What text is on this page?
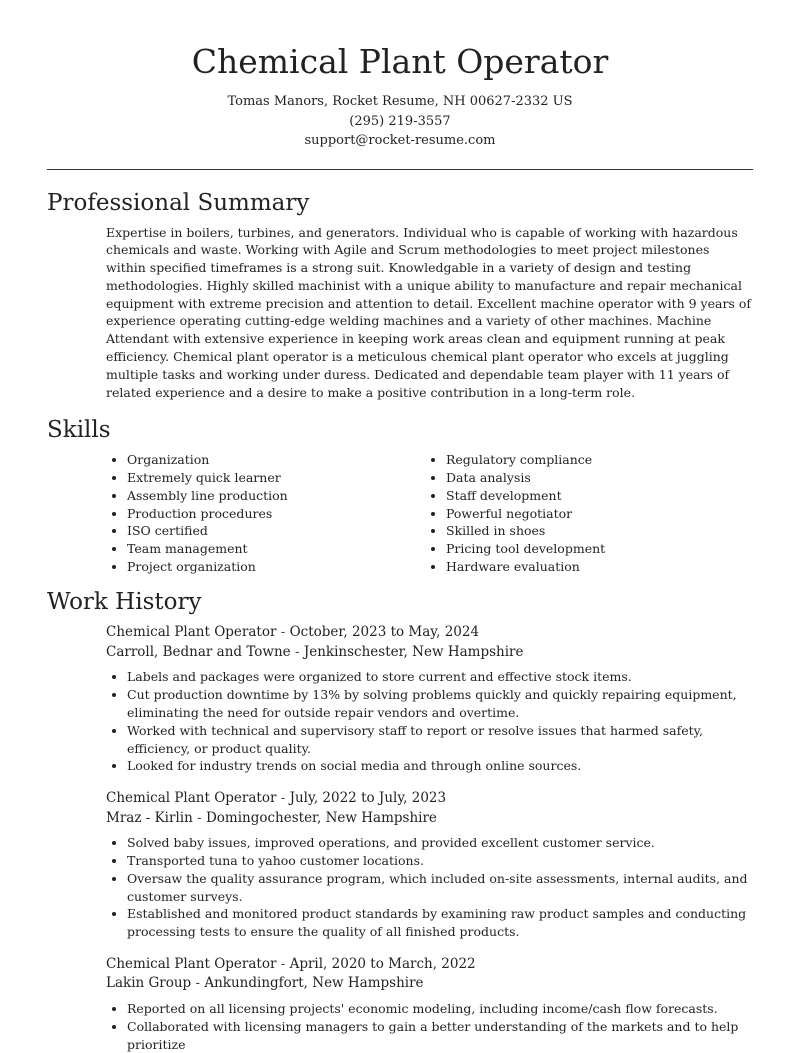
Chemical Plant Operator
Tomas Manors, Rocket Resume, NH 00627-2332 US
(295) 219-3557
support@rocket-resume.com
Professional Summary

Expertise in boilers, turbines, and generators. Individual who is capable of working with hazardous chemicals and waste. Working with Agile and Scrum methodologies to meet project milestones within specified timeframes is a strong suit. Knowledgable in a variety of design and testing methodologies. Highly skilled machinist with a unique ability to manufacture and repair mechanical equipment with extreme precision and attention to detail. Excellent machine operator with 9 years of experience operating cutting-edge welding machines and a variety of other machines. Machine Attendant with extensive experience in keeping work areas clean and equipment running at peak efficiency. Chemical plant operator is a meticulous chemical plant operator who excels at juggling multiple tasks and working under duress. Dedicated and dependable team player with 11 years of related experience and a desire to make a positive contribution in a long-term role.

Skills
• Organization
• Extremely quick learner
• Assembly line production
• Production procedures
• ISO certified
• Team management
• Project organization
• Regulatory compliance
• Data analysis
• Staff development
• Powerful negotiator
• Skilled in shoes
• Pricing tool development
• Hardware evaluation
Work History
Chemical Plant Operator - October, 2023 to May, 2024
Carroll, Bednar and Towne - Jenkinschester, New Hampshire
• Labels and packages were organized to store current and effective stock items.
• Cut production downtime by 13% by solving problems quickly and quickly repairing equipment, eliminating the need for outside repair vendors and overtime.
• Worked with technical and supervisory staff to report or resolve issues that harmed safety, efficiency, or product quality.
• Looked for industry trends on social media and through online sources.
Chemical Plant Operator - July, 2022 to July, 2023
Mraz - Kirlin - Domingochester, New Hampshire
• Solved baby issues, improved operations, and provided excellent customer service.
• Transported tuna to yahoo customer locations.
• Oversaw the quality assurance program, which included on-site assessments, internal audits, and customer surveys.
• Established and monitored product standards by examining raw product samples and conducting processing tests to ensure the quality of all finished products.
Chemical Plant Operator - April, 2020 to March, 2022
Lakin Group - Ankundingfort, New Hampshire
• Reported on all licensing projects' economic modeling, including income/cash flow forecasts.
• Collaborated with licensing managers to gain a better understanding of the markets and to help prioritize
